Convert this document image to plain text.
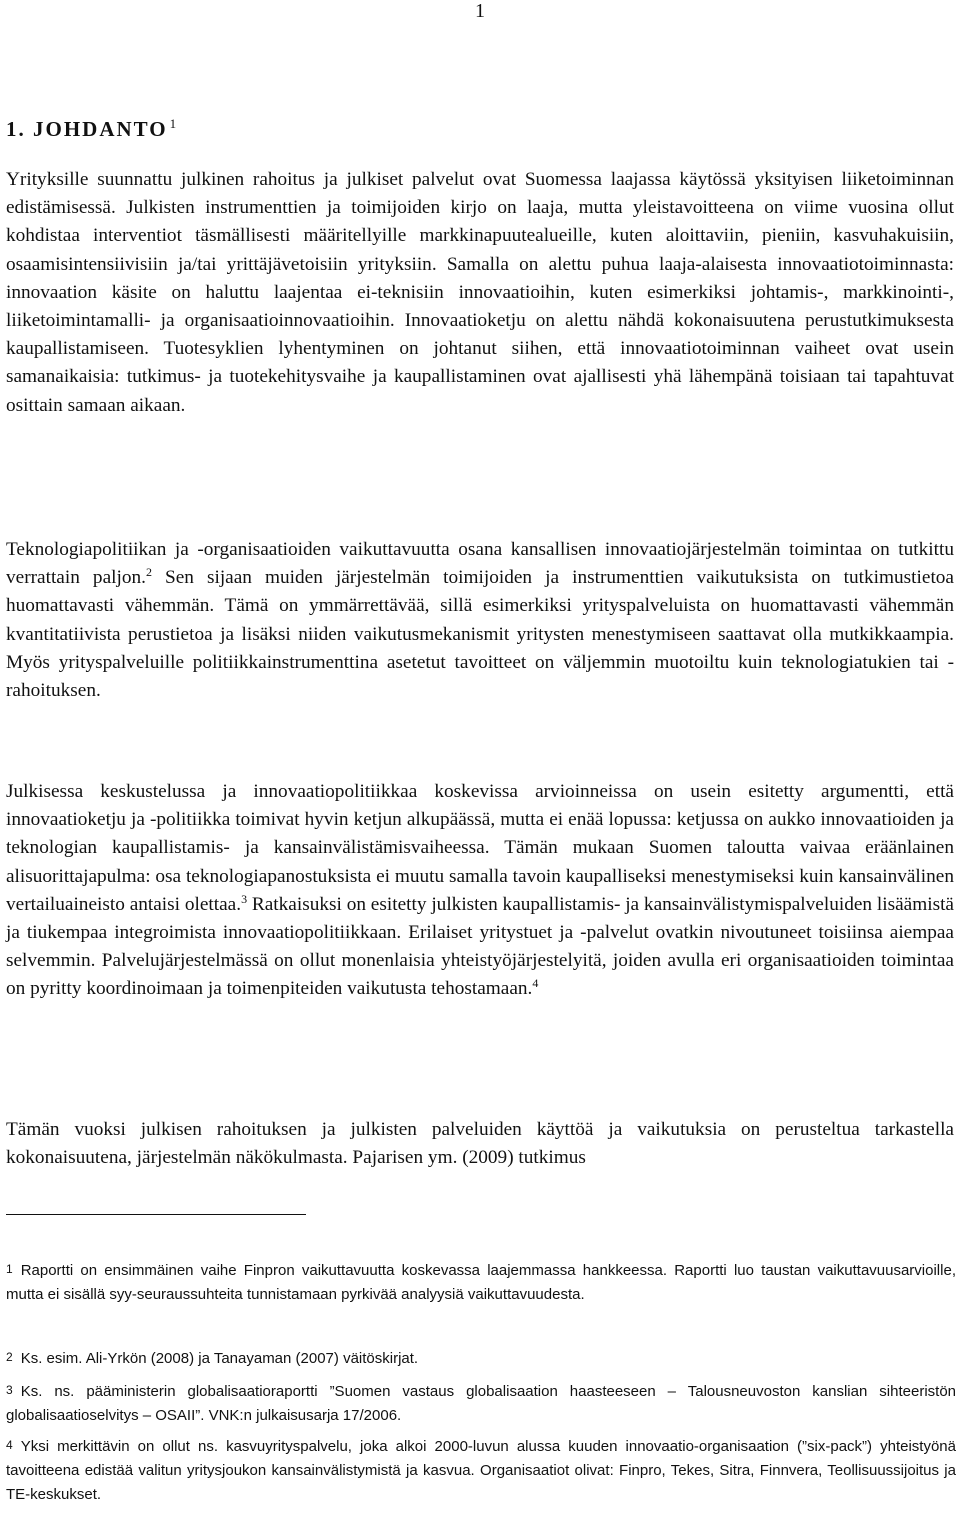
1
1. JOHDANTO $^1$

Yrityksille suunnattu julkinen rahoitus ja julkiset palvelut ovat Suomessa laajassa käytössä yksityisen liiketoiminnan edistämisessä. Julkisten instrumenttien ja toimijoiden kirjo on laaja, mutta yleistavoitteena on viime vuosina ollut kohdistaa interventiot täsmällisesti määritellyille markkinapuutealueille, kuten aloittaviin, pieniin, kasvuhakuisiin, osaamisintensiivisiin ja/tai yrittäjävetoisiin yrityksiin. Samalla on alettu puhua laaja-alaisesta innovaatiotoiminnasta: innovaation käsite on haluttu laajentaa ei-teknisiin innovaatioihin, kuten esimerkiksi johtamis-, markkinointi-, liiketoimintamalli- ja organisaatioinnovaatioihin. Innovaatioketju on alettu nähdä kokonaisuutena perustutkimuksesta kaupallistamiseen. Tuotesyklien lyhentyminen on johtanut siihen, että innovaatiotoiminnan vaiheet ovat usein samanaikaisia: tutkimus- ja tuotekehitysvaihe ja kaupallistaminen ovat ajallisesti yhä lähempänä toisiaan tai tapahtuvat osittain samaan aikaan.

Teknologiapolitiikan ja -organisaatioiden vaikuttavuutta osana kansallisen innovaatiojärjestelmän toimintaa on tutkittu verrattain paljon.$^2$ Sen sijaan muiden järjestelmän toimijoiden ja instrumenttien vaikutuksista on tutkimustietoa huomattavasti vähemmän. Tämä on ymmärrettävää, sillä esimerkiksi yrityspalveluista on huomattavasti vähemmän kvantitatiivista perustietoa ja lisäksi niiden vaikutusmekanismit yritysten menestymiseen saattavat olla mutkikkaampia. Myös yrityspalveluille politiikkainstrumenttina asetetut tavoitteet on väljemmin muotoiltu kuin teknologiatukien tai -rahoituksen.

Julkisessa keskustelussa ja innovaatiopolitiikkaa koskevissa arvioinneissa on usein esitetty argumentti, että innovaatioketju ja -politiikka toimivat hyvin ketjun alkupäässä, mutta ei enää lopussa: ketjussa on aukko innovaatioiden ja teknologian kaupallistamis- ja kansainvälistämisvaiheessa. Tämän mukaan Suomen taloutta vaivaa eräänlainen alisuorittajapulma: osa teknologiapanostuksista ei muutu samalla tavoin kaupalliseksi menestymiseksi kuin kansainvälinen vertailuaineisto antaisi olettaa.$^3$ Ratkaisuksi on esitetty julkisten kaupallistamis- ja kansainvälistymispalveluiden lisäämistä ja tiukempaa integroimista innovaatiopolitiikkaan. Erilaiset yritystuet ja -palvelut ovatkin nivoutuneet toisiinsa aiempaa selvemmin. Palvelujärjestelmässä on ollut monenlaisia yhteistyöjärjestelyitä, joiden avulla eri organisaatioiden toimintaa on pyritty koordinoimaan ja toimenpiteiden vaikutusta tehostamaan.$^4$

Tämän vuoksi julkisen rahoituksen ja julkisten palveluiden käyttöä ja vaikutuksia on perusteltua tarkastella kokonaisuutena, järjestelmän näkökulmasta. Pajarisen ym. (2009) tutkimus

1 Raportti on ensimmäinen vaihe Finpron vaikuttavuutta koskevassa laajemmassa hankkeessa. Raportti luo taustan vaikuttavuusarvioille, mutta ei sisällä syy-seuraussuhteita tunnistamaan pyrkivää analyysiä vaikuttavuudesta.

2 Ks. esim. Ali-Yrkön (2008) ja Tanayaman (2007) väitöskirjat.

3 Ks. ns. pääministerin globalisaatioraportti ”Suomen vastaus globalisaation haasteeseen – Talousneuvoston kanslian sihteeristön globalisaatioselvitys – OSAII”. VNK:n julkaisusarja 17/2006.

4 Yksi merkittävin on ollut ns. kasvuyrityspalvelu, joka alkoi 2000-luvun alussa kuuden innovaatio-organisaation (”six-pack”) yhteistyönä tavoitteena edistää valitun yritysjoukon kansainvälistymistä ja kasvua. Organisaatiot olivat: Finpro, Tekes, Sitra, Finnvera, Teollisuussijoitus ja TE-keskukset.
